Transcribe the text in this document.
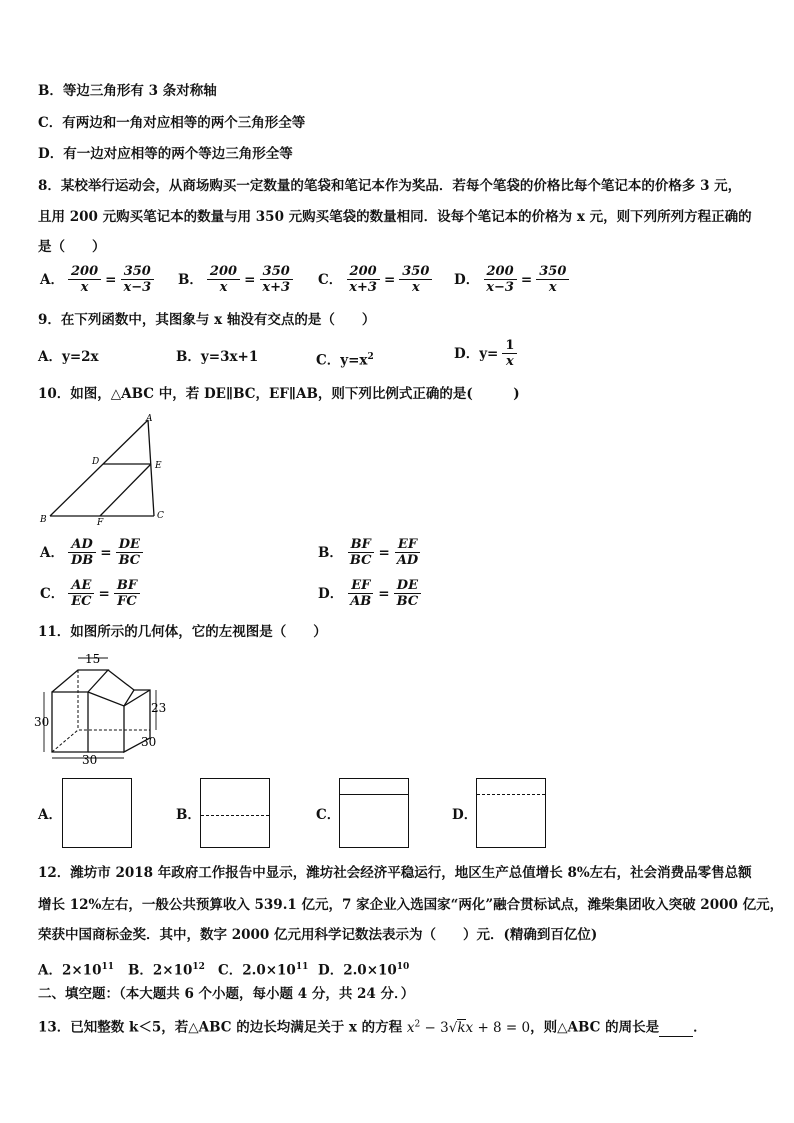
B．等边三角形有 3 条对称轴
C．有两边和一角对应相等的两个三角形全等
D．有一边对应相等的两个等边三角形全等
8．某校举行运动会，从商场购买一定数量的笔袋和笔记本作为奖品．若每个笔袋的价格比每个笔记本的价格多 3 元，
且用 200 元购买笔记本的数量与用 350 元购买笔袋的数量相同．设每个笔记本的价格为 x 元，则下列所列方程正确的
是（　　）
A． $\frac{200}{x} = \frac{350}{x-3}$ B． $\frac{200}{x} = \frac{350}{x+3}$ C． $\frac{200}{x+3} = \frac{350}{x}$ D． $\frac{200}{x-3} = \frac{350}{x}$
9．在下列函数中，其图象与 x 轴没有交点的是（　　）
A．y=2x	B．y=3x+1	C．$y=x^2$	D．$y= \frac{1}{x}$
10．如图，△ABC 中，若 DE∥BC，EF∥AB，则下列比例式正确的是(　　　)
A
D	E
B	F
C
A． $\frac{AD}{DB} = \frac{DE}{BC}$	B． $\frac{BF}{BC} = \frac{EF}{AD}$
C． $\frac{AE}{EC} = \frac{BF}{FC}$	D． $\frac{EF}{AB} = \frac{DE}{BC}$
11．如图所示的几何体，它的左视图是（　　）
15
30
23
30
30
A．	B．	C．	D．
12．潍坊市 2018 年政府工作报告中显示，潍坊社会经济平稳运行，地区生产总值增长 8%左右，社会消费品零售总额
增长 12%左右，一般公共预算收入 539.1 亿元，7 家企业入选国家“两化”融合贯标试点，潍柴集团收入突破 2000 亿元，
荣获中国商标金奖．其中，数字 2000 亿元用科学记数法表示为（　　）元．(精确到百亿位)
A．$2\times 10^{11}$ B．$2\times 10^{12}$ C．$2.0\times 10^{11}$ D．$2.0\times 10^{10}$
二、填空题：（本大题共 6 个小题，每小题 4 分，共 24 分．）
13．已知整数 k＜5，若△ABC 的边长均满足关于 x 的方程 $x^2 - 3√kx + 8 = 0$，则△ABC 的周长是	．
